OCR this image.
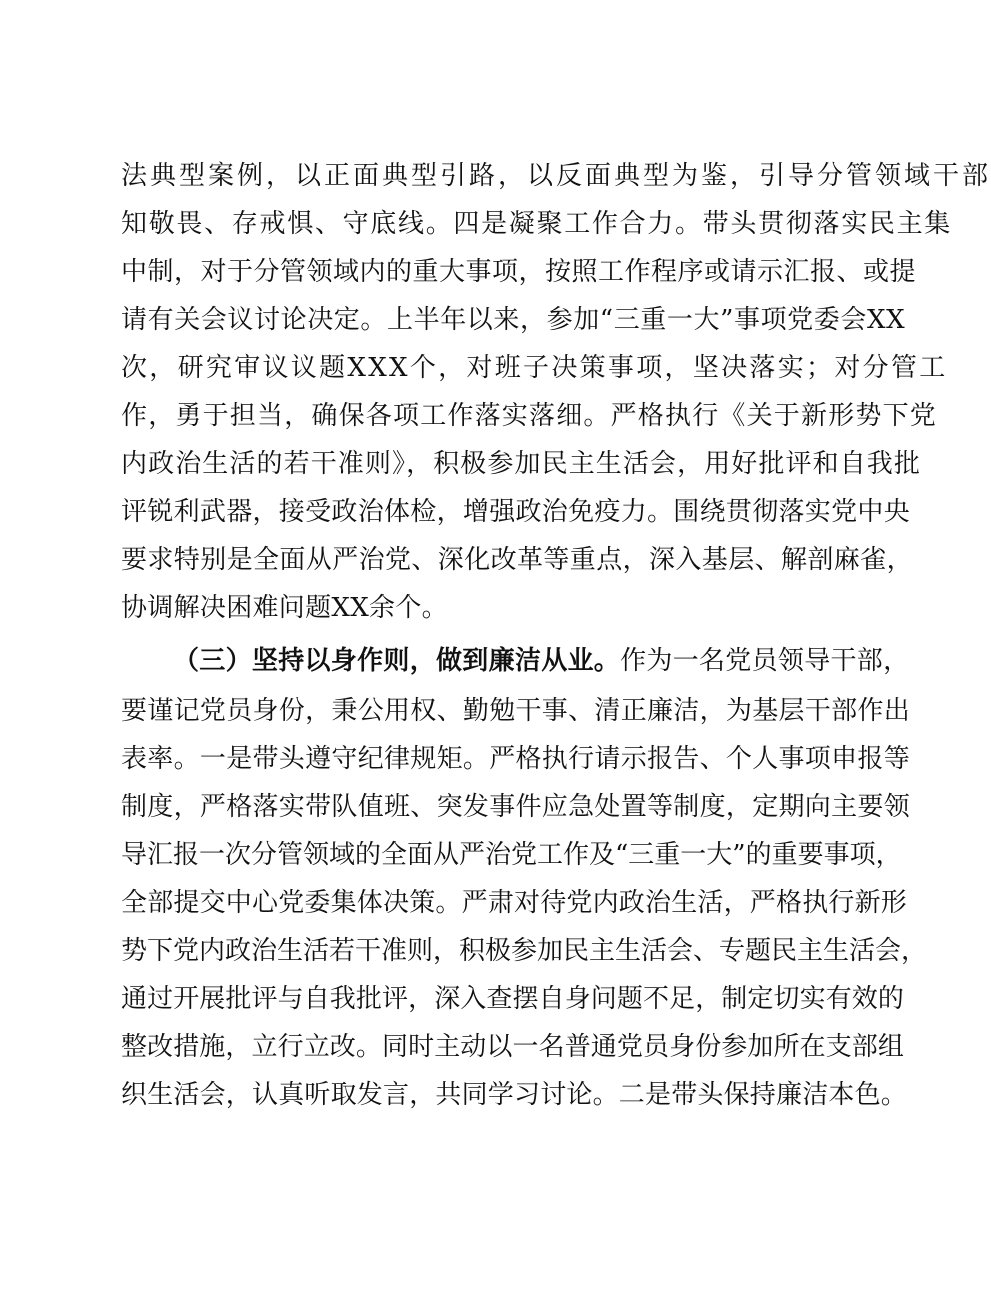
法典型案例，以正面典型引路，以反面典型为鉴，引导分管领域干部
知敬畏、存戒惧、守底线。四是凝聚工作合力。带头贯彻落实民主集
中制，对于分管领域内的重大事项，按照工作程序或请示汇报、或提
请有关会议讨论决定。上半年以来，参加“三重一大”事项党委会XX
次，研究审议议题XXX个，对班子决策事项，坚决落实；对分管工
作，勇于担当，确保各项工作落实落细。严格执行《关于新形势下党
内政治生活的若干准则》，积极参加民主生活会，用好批评和自我批
评锐利武器，接受政治体检，增强政治免疫力。围绕贯彻落实党中央
要求特别是全面从严治党、深化改革等重点，深入基层、解剖麻雀，
协调解决困难问题XX余个。
（三）坚持以身作则，做到廉洁从业。作为一名党员领导干部，
要谨记党员身份，秉公用权、勤勉干事、清正廉洁，为基层干部作出
表率。一是带头遵守纪律规矩。严格执行请示报告、个人事项申报等
制度，严格落实带队值班、突发事件应急处置等制度，定期向主要领
导汇报一次分管领域的全面从严治党工作及“三重一大”的重要事项，
全部提交中心党委集体决策。严肃对待党内政治生活，严格执行新形
势下党内政治生活若干准则，积极参加民主生活会、专题民主生活会，
通过开展批评与自我批评，深入查摆自身问题不足，制定切实有效的
整改措施，立行立改。同时主动以一名普通党员身份参加所在支部组
织生活会，认真听取发言，共同学习讨论。二是带头保持廉洁本色。
